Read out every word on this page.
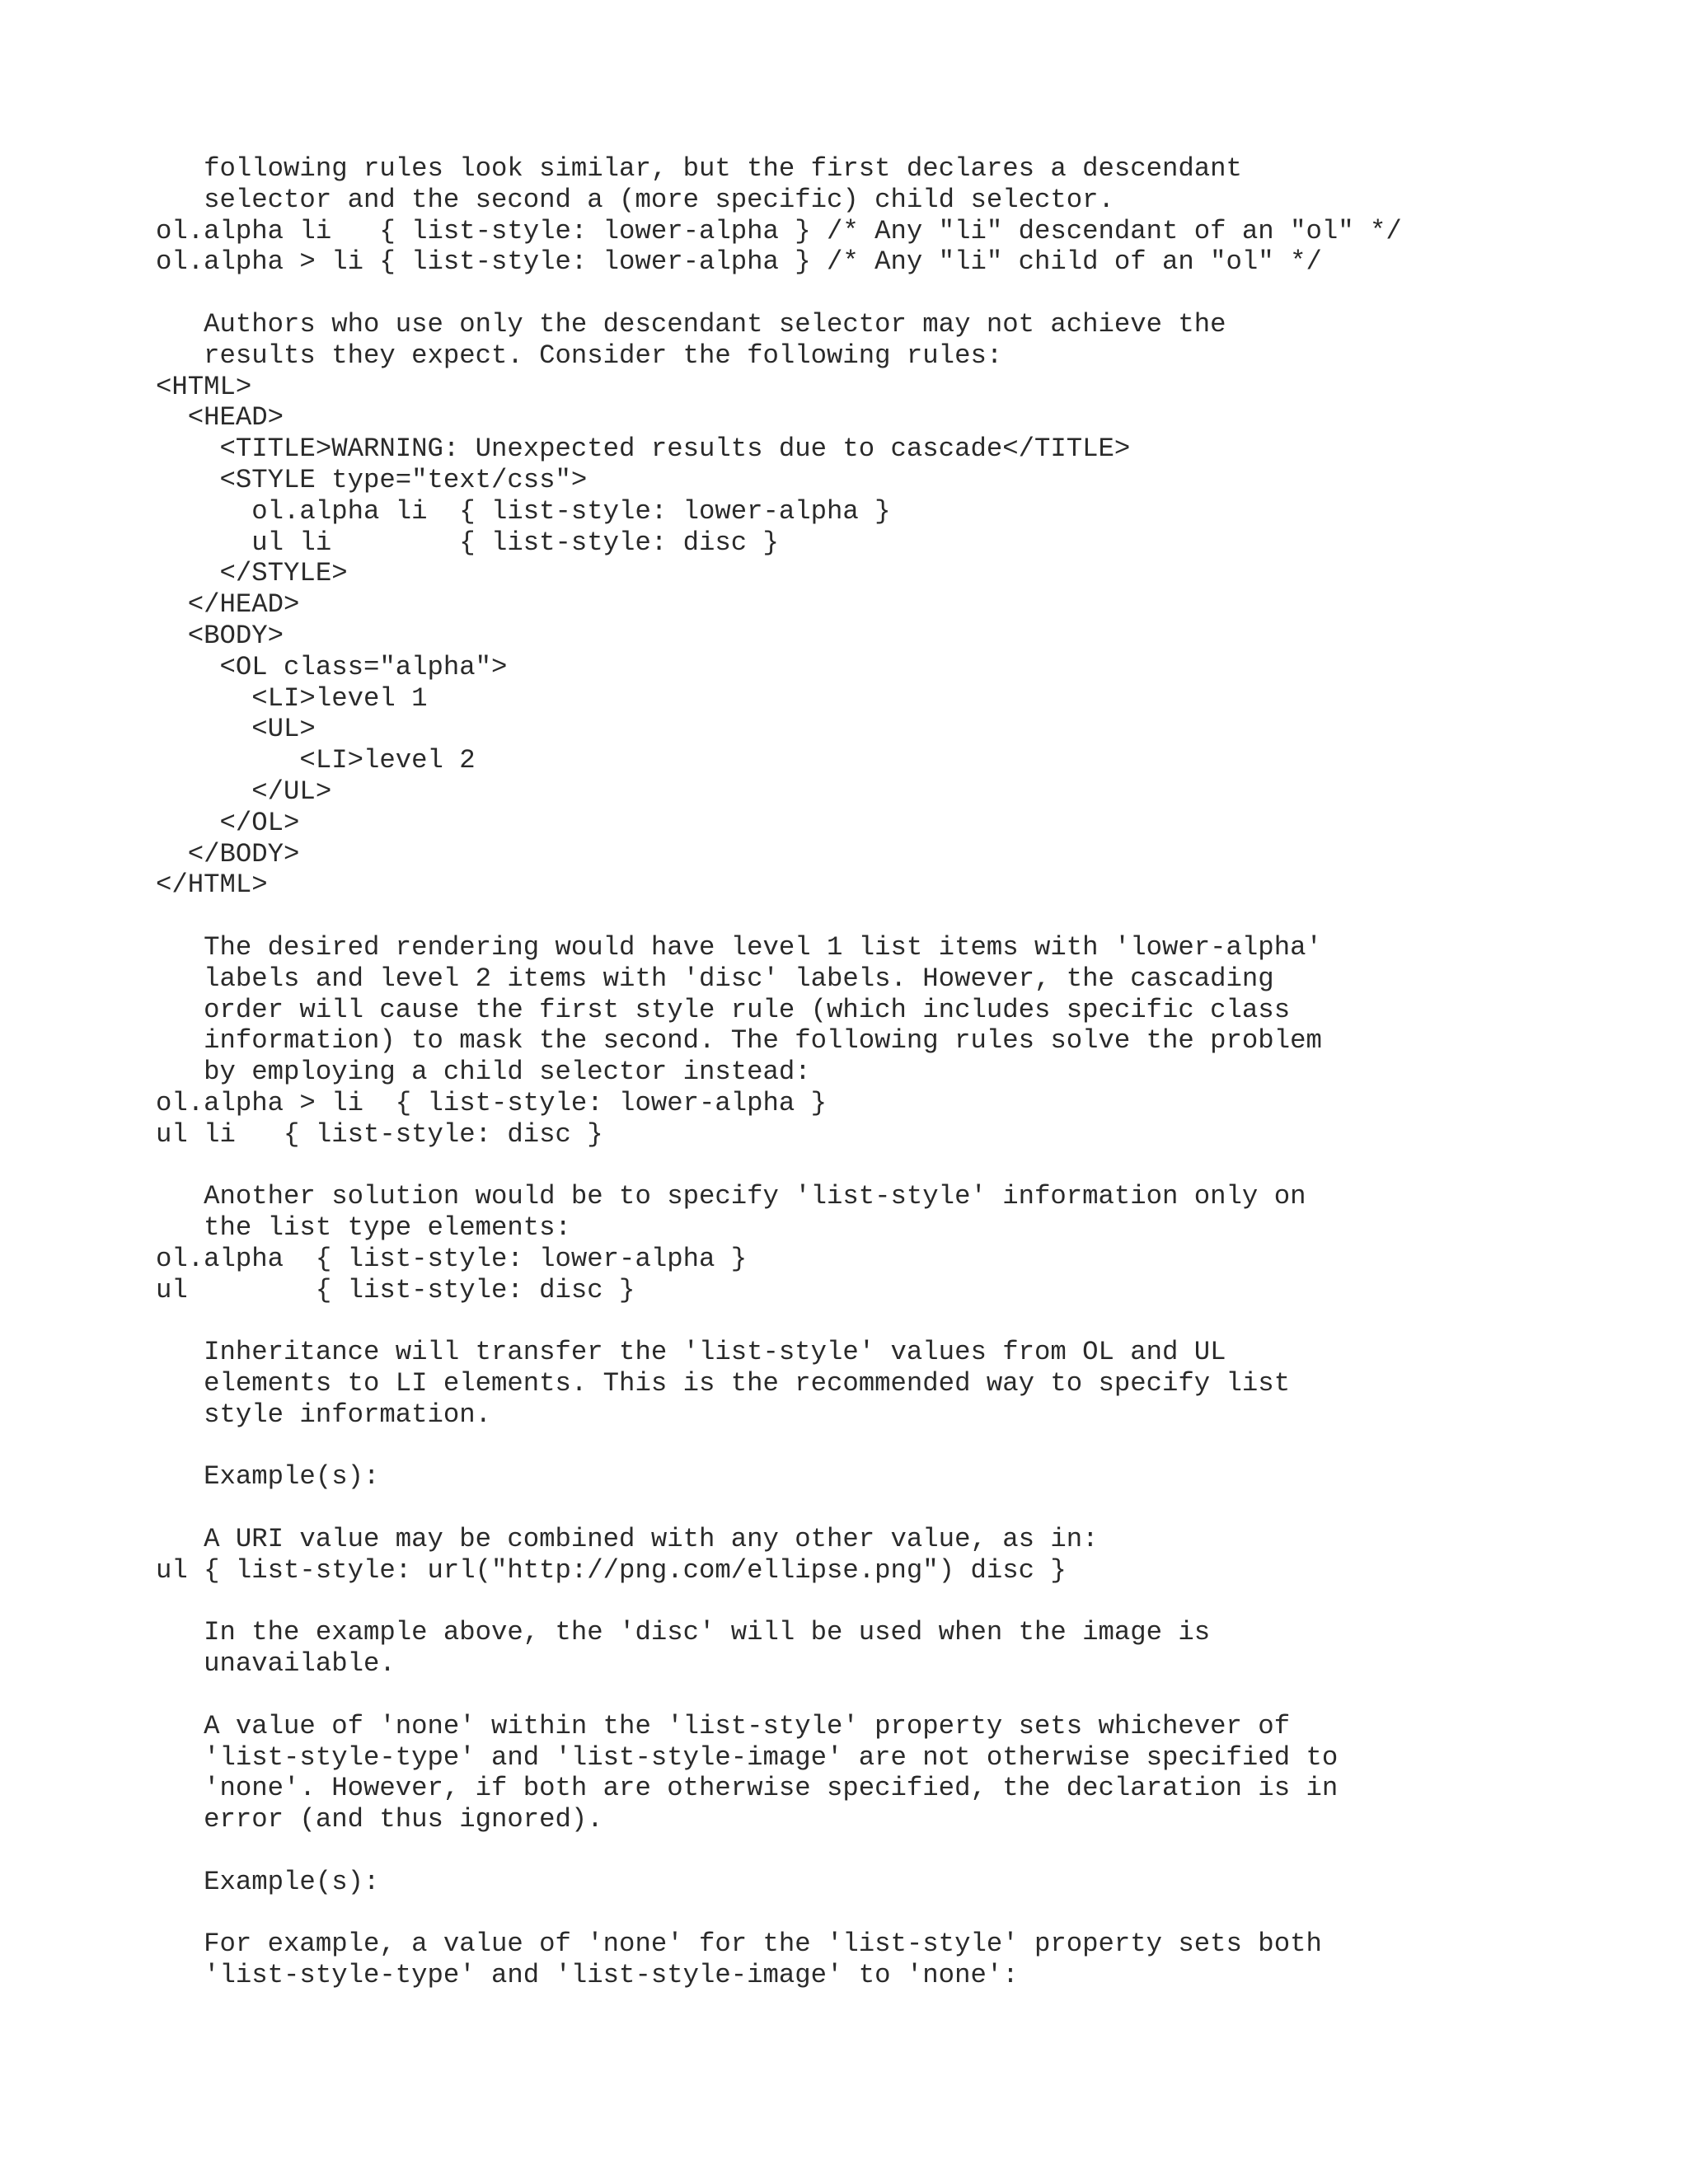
following rules look similar, but the first declares a descendant
selector and the second a (more specific) child selector.
ol.alpha li   { list-style: lower-alpha } /* Any "li" descendant of an "ol" */
ol.alpha > li { list-style: lower-alpha } /* Any "li" child of an "ol" */
Authors who use only the descendant selector may not achieve the
results they expect. Consider the following rules:
<HTML>
<HEAD>
<TITLE>WARNING: Unexpected results due to cascade</TITLE>
<STYLE type="text/css">
ol.alpha li  { list-style: lower-alpha }
ul li        { list-style: disc }
</STYLE>
</HEAD>
<BODY>
<OL class="alpha">
<LI>level 1
<UL>
<LI>level 2
</UL>
</OL>
</BODY>
</HTML>
The desired rendering would have level 1 list items with 'lower-alpha'
labels and level 2 items with 'disc' labels. However, the cascading
order will cause the first style rule (which includes specific class
information) to mask the second. The following rules solve the problem
by employing a child selector instead:
ol.alpha > li  { list-style: lower-alpha }
ul li   { list-style: disc }
Another solution would be to specify 'list-style' information only on
the list type elements:
ol.alpha  { list-style: lower-alpha }
ul        { list-style: disc }
Inheritance will transfer the 'list-style' values from OL and UL
elements to LI elements. This is the recommended way to specify list
style information.
Example(s):
A URI value may be combined with any other value, as in:
ul { list-style: url("http://png.com/ellipse.png") disc }
In the example above, the 'disc' will be used when the image is
unavailable.
A value of 'none' within the 'list-style' property sets whichever of
'list-style-type' and 'list-style-image' are not otherwise specified to
'none'. However, if both are otherwise specified, the declaration is in
error (and thus ignored).
Example(s):
For example, a value of 'none' for the 'list-style' property sets both
'list-style-type' and 'list-style-image' to 'none':
